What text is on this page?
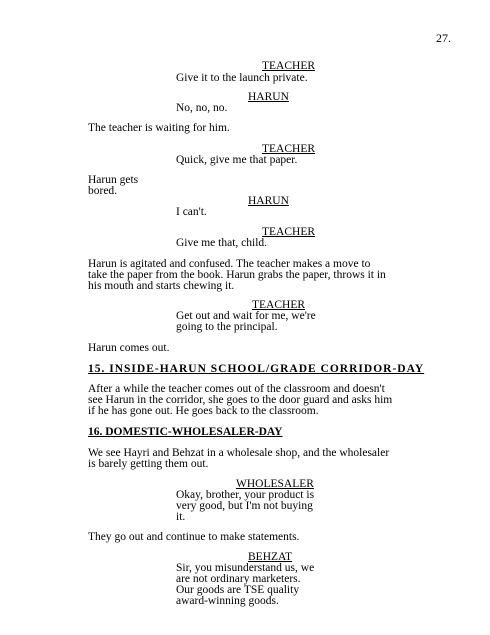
27.
TEACHER
Give it to the launch private.
HARUN
No, no, no.
The teacher is waiting for him.
TEACHER
Quick, give me that paper.
Harun gets
bored.
HARUN
I can't.
TEACHER
Give me that, child.
Harun is agitated and confused. The teacher makes a move to
take the paper from the book. Harun grabs the paper, throws it in
his mouth and starts chewing it.
TEACHER
Get out and wait for me, we're
going to the principal.
Harun comes out.
15. INSIDE-HARUN SCHOOL/GRADE CORRIDOR-DAY
After a while the teacher comes out of the classroom and doesn't
see Harun in the corridor, she goes to the door guard and asks him
if he has gone out. He goes back to the classroom.
16. DOMESTIC-WHOLESALER-DAY
We see Hayri and Behzat in a wholesale shop, and the wholesaler
is barely getting them out.
WHOLESALER
Okay, brother, your product is
very good, but I'm not buying
it.
They go out and continue to make statements.
BEHZAT
Sir, you misunderstand us, we
are not ordinary marketers.
Our goods are TSE quality
award-winning goods.
